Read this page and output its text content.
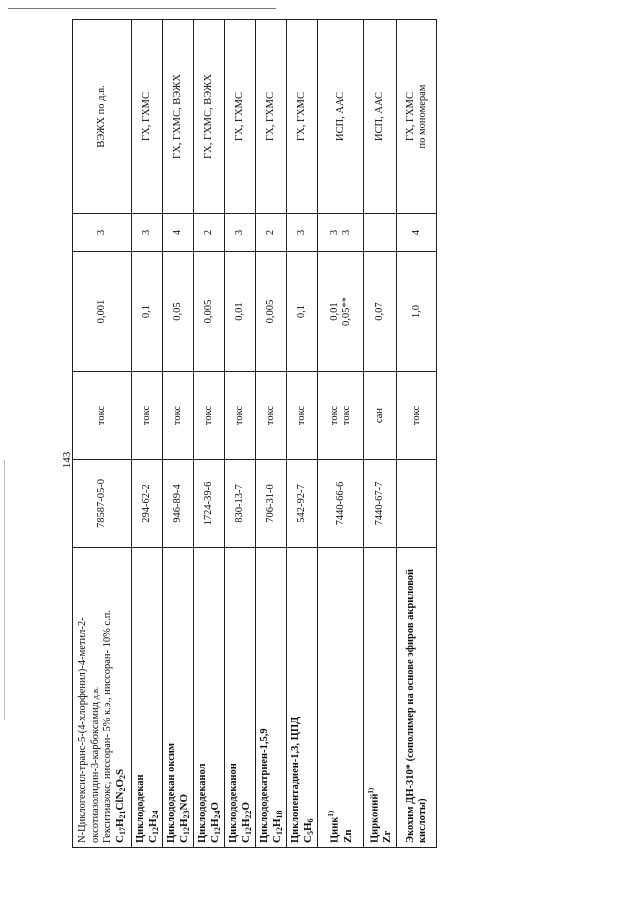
143
N-Циклогексил-транс-5-(4-хлорфенил)-4-метил-2- оксотиазолидин-3-карбоксамид д.в. Гекситиазокс, ниссоран- 5% к.э., ниссоран- 10% с.п. $C_{17}H_{21}ClN_2O_2S$	78587-05-0	токс	0,001	3	ВЭЖХ по д.в.

Циклододекан $C_{12}H_{24}$	294-62-2	токс	0,1	3	ГХ, ГХМС

Циклододекан оксим $C_{12}H_{23}NO$	946-89-4	токс	0,05	4	ГХ, ГХМС, ВЭЖХ

Циклододеканол $C_{12}H_{24}O$	1724-39-6	токс	0,005	2	ГХ, ГХМС, ВЭЖХ

Циклододеканон $C_{12}H_{22}O$	830-13-7	токс	0,01	3	ГХ, ГХМС

Циклододекатриен-1,5,9 $C_{12}H_{18}$	706-31-0	токс	0,005	2	ГХ, ГХМС

Циклопентадиен-1,3, ЦПД $C_5H_6$	542-92-7	токс	0,1	3	ГХ, ГХМС

Цинк$^{1)}$
Zn	7440-66-6	токс токс	0,01 0,05**	3 3	ИСП, ААС

Цирконий$^{1)}$
Zr	7440-67-7	сан	0,07		ИСП, ААС

Экохим ДН-310* (сополимер на основе эфиров акриловой кислоты)		токс	1,0	4	ГХ, ГХМС по мономерам
